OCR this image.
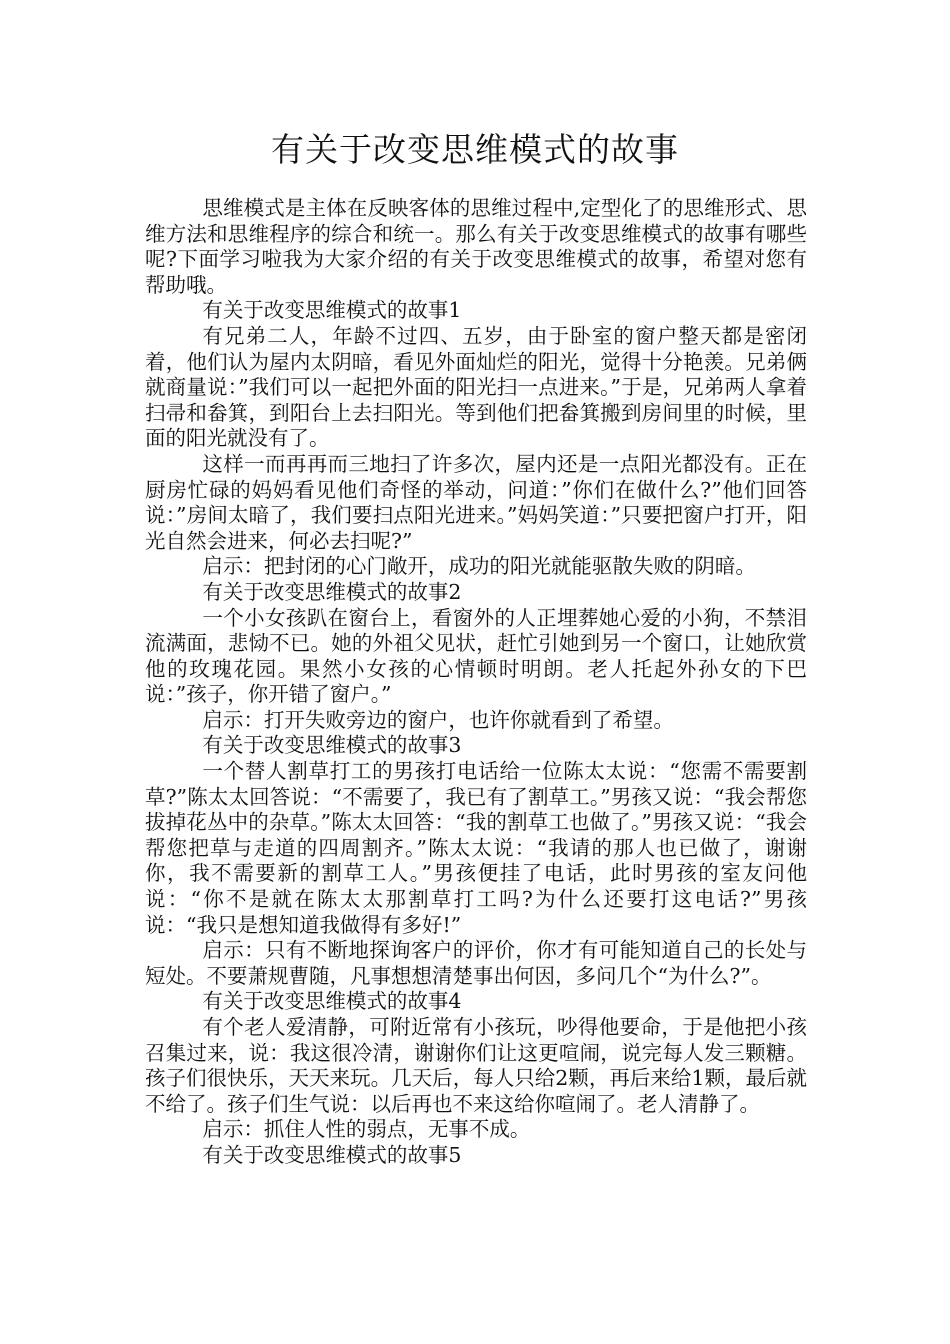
有关于改变思维模式的故事

思维模式是主体在反映客体的思维过程中,定型化了的思维形式、思维方法和思维程序的综合和统一。那么有关于改变思维模式的故事有哪些呢?下面学习啦我为大家介绍的有关于改变思维模式的故事，希望对您有帮助哦。

有关于改变思维模式的故事1

有兄弟二人，年龄不过四、五岁，由于卧室的窗户整天都是密闭着，他们认为屋内太阴暗，看见外面灿烂的阳光，觉得十分艳羡。兄弟俩就商量说：”我们可以一起把外面的阳光扫一点进来。”于是，兄弟两人拿着扫帚和畚箕，到阳台上去扫阳光。等到他们把畚箕搬到房间里的时候，里面的阳光就没有了。

这样一而再再而三地扫了许多次，屋内还是一点阳光都没有。正在厨房忙碌的妈妈看见他们奇怪的举动，问道：”你们在做什么?”他们回答说：”房间太暗了，我们要扫点阳光进来。”妈妈笑道：”只要把窗户打开，阳光自然会进来，何必去扫呢?”

启示：把封闭的心门敞开，成功的阳光就能驱散失败的阴暗。

有关于改变思维模式的故事2

一个小女孩趴在窗台上，看窗外的人正埋葬她心爱的小狗，不禁泪流满面，悲恸不已。她的外祖父见状，赶忙引她到另一个窗口，让她欣赏他的玫瑰花园。果然小女孩的心情顿时明朗。老人托起外孙女的下巴说：”孩子，你开错了窗户。”

启示：打开失败旁边的窗户，也许你就看到了希望。

有关于改变思维模式的故事3

一个替人割草打工的男孩打电话给一位陈太太说：“您需不需要割草?”陈太太回答说：“不需要了，我已有了割草工。”男孩又说：“我会帮您拔掉花丛中的杂草。”陈太太回答：“我的割草工也做了。”男孩又说：“我会帮您把草与走道的四周割齐。”陈太太说：“我请的那人也已做了，谢谢你，我不需要新的割草工人。”男孩便挂了电话，此时男孩的室友问他说：“你不是就在陈太太那割草打工吗?为什么还要打这电话?”男孩说：“我只是想知道我做得有多好!”

启示：只有不断地探询客户的评价，你才有可能知道自己的长处与短处。不要萧规曹随，凡事想想清楚事出何因，多问几个“为什么?”。

有关于改变思维模式的故事4

有个老人爱清静，可附近常有小孩玩，吵得他要命，于是他把小孩召集过来，说：我这很冷清，谢谢你们让这更喧闹，说完每人发三颗糖。孩子们很快乐，天天来玩。几天后，每人只给2颗，再后来给1颗，最后就不给了。孩子们生气说：以后再也不来这给你喧闹了。老人清静了。

启示：抓住人性的弱点，无事不成。

有关于改变思维模式的故事5
